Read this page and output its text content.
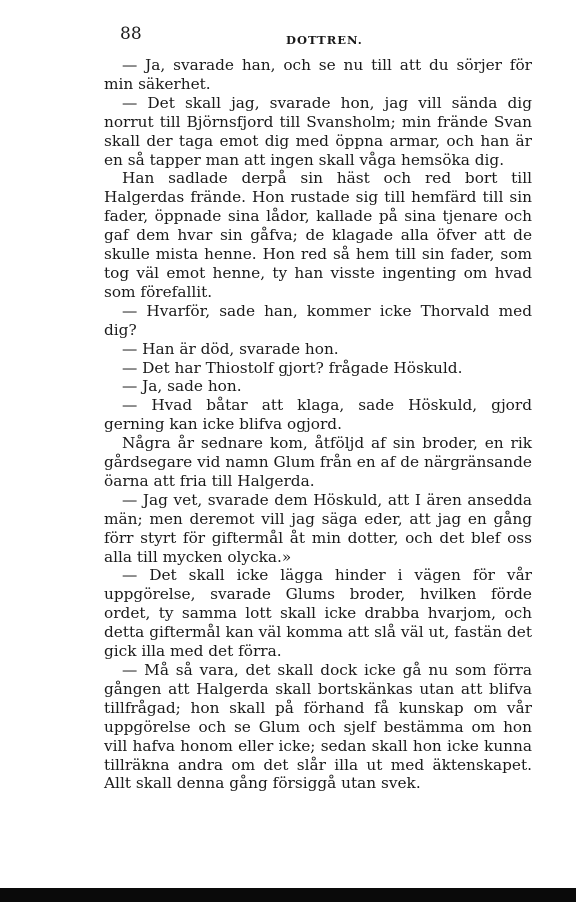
88	DOTTREN.

— Ja, svarade han, och se nu till att du sörjer för min säkerhet.

— Det skall jag, svarade hon, jag vill sända dig norrut till Björnsfjord till Svansholm; min frände Svan skall der taga emot dig med öppna armar, och han är en så tapper man att ingen skall våga hemsöka dig.

Han sadlade derpå sin häst och red bort till Halgerdas frände. Hon rustade sig till hemfärd till sin fader, öppnade sina lådor, kallade på sina tjenare och gaf dem hvar sin gåfva; de klagade alla öfver att de skulle mista henne. Hon red så hem till sin fader, som tog väl emot henne, ty han visste ingenting om hvad som förefallit.

— Hvarför, sade han, kommer icke Thorvald med dig?

— Han är död, svarade hon.

— Det har Thiostolf gjort? frågade Höskuld.

— Ja, sade hon.

— Hvad båtar att klaga, sade Höskuld, gjord gerning kan icke blifva ogjord.

Några år sednare kom, åtföljd af sin broder, en rik gårdsegare vid namn Glum från en af de närgränsande öarna att fria till Halgerda.

— Jag vet, svarade dem Höskuld, att I ären ansedda män; men deremot vill jag säga eder, att jag en gång förr styrt för giftermål åt min dotter, och det blef oss alla till mycken olycka.»

— Det skall icke lägga hinder i vägen för vår uppgörelse, svarade Glums broder, hvilken förde ordet, ty samma lott skall icke drabba hvarjom, och detta giftermål kan väl komma att slå väl ut, fastän det gick illa med det förra.

— Må så vara, det skall dock icke gå nu som förra gången att Halgerda skall bortskänkas utan att blifva tillfrågad; hon skall på förhand få kunskap om vår uppgörelse och se Glum och sjelf bestämma om hon vill hafva honom eller icke; sedan skall hon icke kunna tillräkna andra om det slår illa ut med äktenskapet. Allt skall denna gång försiggå utan svek.
